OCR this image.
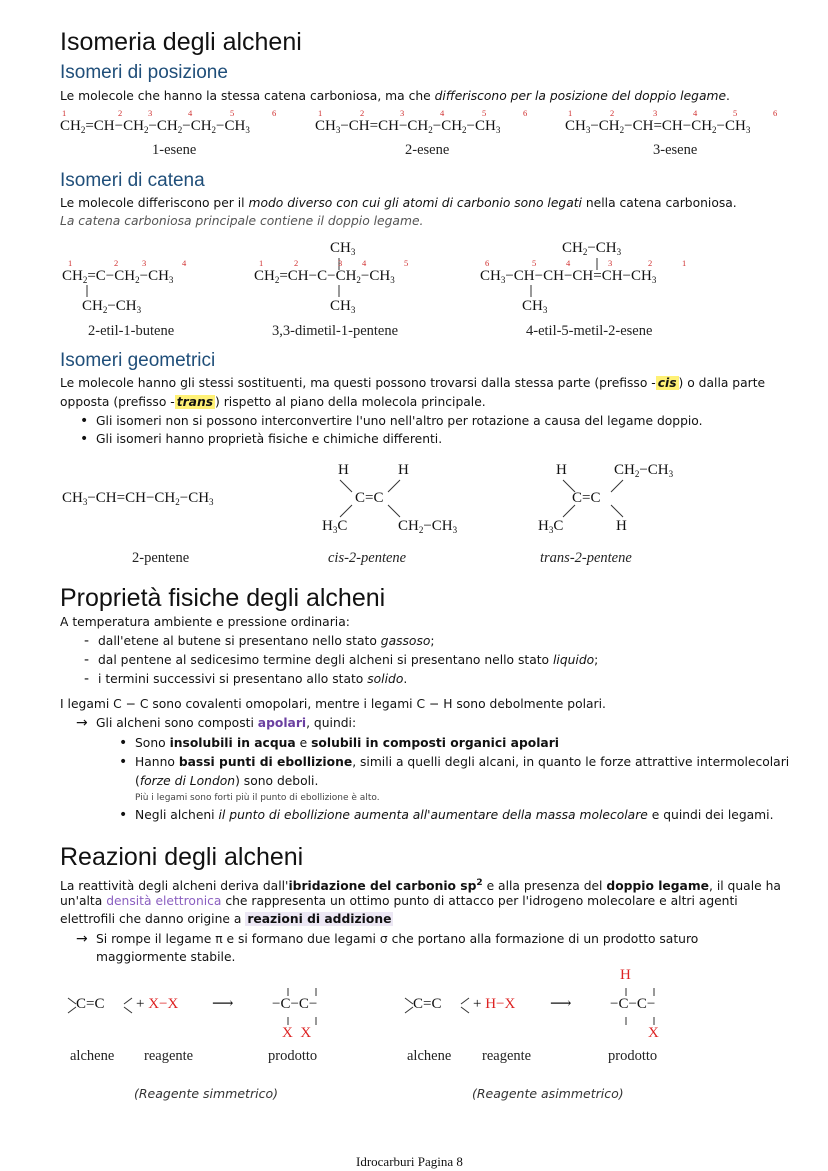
Isomeria degli alcheni
Isomeri di posizione
Le molecole che hanno la stessa catena carboniosa, ma che differiscono per la posizione del doppio legame.
$CH_2=CH-CH_2-CH_2-CH_2-CH_3$
1	2	3	4	5	6
$CH_3-CH=CH-CH_2-CH_2-CH_3$
1	2	3	4	5	6
$CH_3-CH_2-CH=CH-CH_2-CH_3$
1	2	3	4	5	6
1-esene	2-esene	3-esene
Isomeri di catena
Le molecole differiscono per il modo diverso con cui gli atomi di carbonio sono legati nella catena carboniosa.
La catena carboniosa principale contiene il doppio legame.
$CH_2=C-CH_2-CH_3$
1	2	3	4
$CH_2-CH_3$
$CH_3$
$CH_2=CH-C-CH_2-CH_3$
1	2	3 4	5
$CH_3$
$CH_2-CH_3$
$CH_3-CH-CH-CH=CH-CH_3$
6	5	4	3	2	1
$CH_3$
2-etil-1-butene	3,3-dimetil-1-pentene	4-etil-5-metil-2-esene
Isomeri geometrici
Le molecole hanno gli stessi sostituenti, ma questi possono trovarsi dalla stessa parte (prefisso - cis ) o dalla parte
opposta (prefisso - trans ) rispetto al piano della molecola principale.
• Gli isomeri non si possono interconvertire l'uno nell'altro per rotazione a causa del legame doppio.
• Gli isomeri hanno proprietà fisiche e chimiche differenti.
$CH_3-CH=CH-CH_2-CH_3$
H	H
C=C
$H_3C$	$CH_2-CH_3$
H	$CH_2-CH_3$
C=C
$H_3C$	H
2-pentene	cis-2-pentene	trans-2-pentene
Proprietà fisiche degli alcheni
A temperatura ambiente e pressione ordinaria:
- dall'etene al butene si presentano nello stato gassoso;
- dal pentene al sedicesimo termine degli alcheni si presentano nello stato liquido;
- i termini successivi si presentano allo stato solido.
I legami C − C sono covalenti omopolari, mentre i legami C − H sono debolmente polari.
→ Gli alcheni sono composti apolari, quindi:
• Sono insolubili in acqua e solubili in composti organici apolari
• Hanno bassi punti di ebollizione, simili a quelli degli alcani, in quanto le forze attrattive intermolecolari
(forze di London) sono deboli.
Più i legami sono forti più il punto di ebollizione è alto.
• Negli alcheni il punto di ebollizione aumenta all'aumentare della massa molecolare e quindi dei legami.
Reazioni degli alcheni
La reattività degli alcheni deriva dall'ibridazione del carbonio $sp^2$ e alla presenza del doppio legame, il quale ha
un'alta densità elettronica che rappresenta un ottimo punto di attacco per l'idrogeno molecolare e altri agenti
elettrofili che danno origine a reazioni di addizione
→ Si rompe il legame π e si formano due legami σ che portano alla formazione di un prodotto saturo
maggiormente stabile.
C=C + X−X ⟶	−C−C−
X  X
alchene reagente	prodotto
(Reagente simmetrico)
C=C + H−X ⟶
H
−C−C−
X
alchene reagente	prodotto
(Reagente asimmetrico)
Idrocarburi Pagina 8
